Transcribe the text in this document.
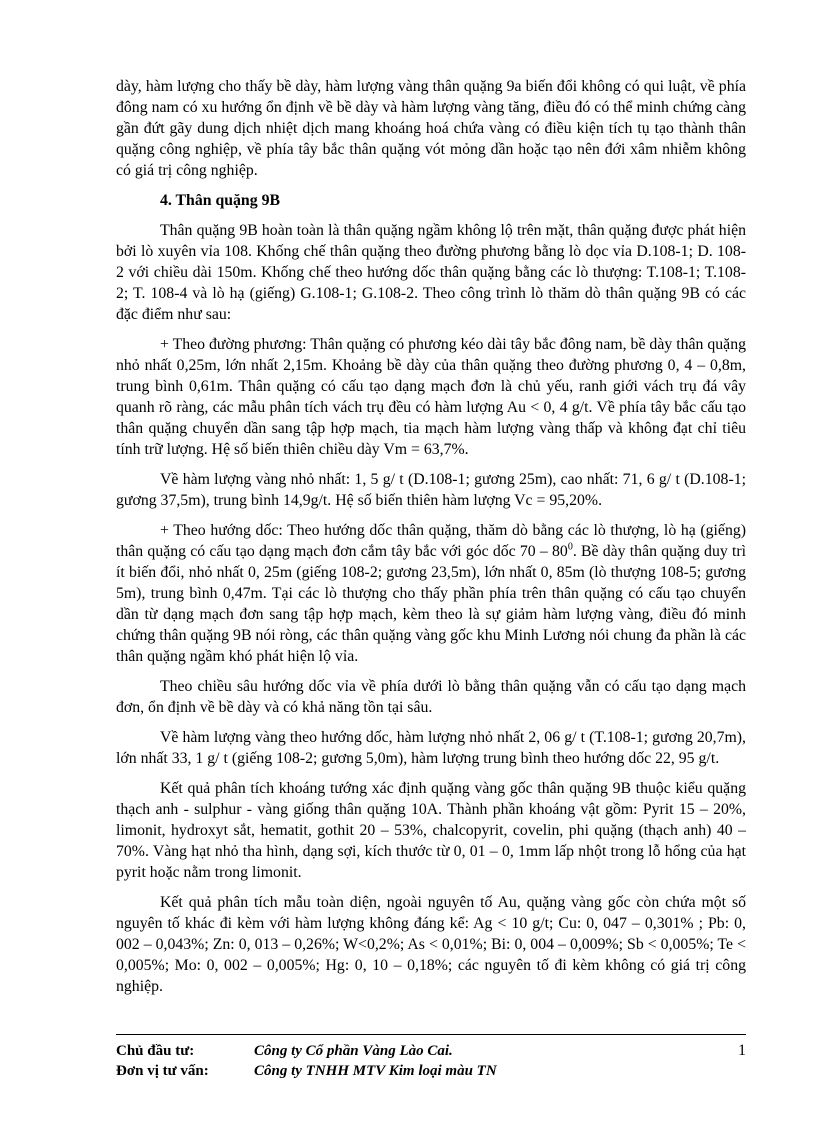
dày, hàm lượng cho thấy bề dày, hàm lượng vàng thân quặng 9a biến đổi không có qui luật, về phía đông nam có xu hướng ổn định về bề dày và hàm lượng vàng tăng, điều đó có thể minh chứng càng gần đứt gãy dung dịch nhiệt dịch mang khoáng hoá chứa vàng có điều kiện tích tụ tạo thành thân quặng công nghiệp, về phía tây bắc thân quặng vót mỏng dần hoặc tạo nên đới xâm nhiễm không có giá trị công nghiệp.

4. Thân quặng 9B

Thân quặng 9B hoàn toàn là thân quặng ngầm không lộ trên mặt, thân quặng được phát hiện bởi lò xuyên vỉa 108. Khống chế thân quặng theo đường phương bằng lò dọc vỉa D.108-1; D. 108-2 với chiều dài 150m. Khống chế theo hướng dốc thân quặng bằng các lò thượng: T.108-1; T.108-2; T. 108-4 và lò hạ (giếng) G.108-1; G.108-2. Theo công trình lò thăm dò thân quặng 9B có các đặc điểm như sau:

+ Theo đường phương: Thân quặng có phương kéo dài tây bắc đông nam, bề dày thân quặng nhỏ nhất 0,25m, lớn nhất 2,15m. Khoảng bề dày của thân quặng theo đường phương 0, 4 – 0,8m, trung bình 0,61m. Thân quặng có cấu tạo dạng mạch đơn là chủ yếu, ranh giới vách trụ đá vây quanh rõ ràng, các mẫu phân tích vách trụ đều có hàm lượng Au < 0, 4 g/t. Về phía tây bắc cấu tạo thân quặng chuyển dần sang tập hợp mạch, tia mạch hàm lượng vàng thấp và không đạt chỉ tiêu tính trữ lượng. Hệ số biến thiên chiều dày Vm = 63,7%.

Về hàm lượng vàng nhỏ nhất: 1, 5 g/ t (D.108-1; gương 25m), cao nhất: 71, 6 g/ t (D.108-1; gương 37,5m), trung bình 14,9g/t. Hệ số biến thiên hàm lượng Vc = 95,20%.

+ Theo hướng dốc: Theo hướng dốc thân quặng, thăm dò bằng các lò thượng, lò hạ (giếng) thân quặng có cấu tạo dạng mạch đơn cắm tây bắc với góc dốc $70 - 80^0$. Bề dày thân quặng duy trì ít biến đổi, nhỏ nhất 0, 25m (giếng 108-2; gương 23,5m), lớn nhất 0, 85m (lò thượng 108-5; gương 5m), trung bình 0,47m. Tại các lò thượng cho thấy phần phía trên thân quặng có cấu tạo chuyển dần từ dạng mạch đơn sang tập hợp mạch, kèm theo là sự giảm hàm lượng vàng, điều đó minh chứng thân quặng 9B nói ròng, các thân quặng vàng gốc khu Minh Lương nói chung đa phần là các thân quặng ngầm khó phát hiện lộ vỉa.

Theo chiều sâu hướng dốc vỉa về phía dưới lò bằng thân quặng vẫn có cấu tạo dạng mạch đơn, ổn định về bề dày và có khả năng tồn tại sâu.

Về hàm lượng vàng theo hướng dốc, hàm lượng nhỏ nhất 2, 06 g/ t (T.108-1; gương 20,7m), lớn nhất 33, 1 g/ t (giếng 108-2; gương 5,0m), hàm lượng trung bình theo hướng dốc 22, 95 g/t.

Kết quả phân tích khoáng tướng xác định quặng vàng gốc thân quặng 9B thuộc kiểu quặng thạch anh - sulphur - vàng giống thân quặng 10A. Thành phần khoáng vật gồm: Pyrit 15 – 20%, limonit, hydroxyt sắt, hematit, gothit 20 – 53%, chalcopyrit, covelin, phi quặng (thạch anh) 40 – 70%. Vàng hạt nhỏ tha hình, dạng sợi, kích thước từ 0, 01 – 0, 1mm lấp nhột trong lỗ hổng của hạt pyrit hoặc nằm trong limonit.

Kết quả phân tích mẫu toàn diện, ngoài nguyên tố Au, quặng vàng gốc còn chứa một số nguyên tố khác đi kèm với hàm lượng không đáng kể: Ag < 10 g/t; Cu: 0, 047 – 0,301% ; Pb: 0, 002 – 0,043%; Zn: 0, 013 – 0,26%; W<0,2%; As < 0,01%; Bi: 0, 004 – 0,009%; Sb < 0,005%; Te < 0,005%; Mo: 0, 002 – 0,005%; Hg: 0, 10 – 0,18%; các nguyên tố đi kèm không có giá trị công nghiệp.

Chủ đầu tư:	Công ty Cổ phần Vàng Lào Cai.	1
Đơn vị tư vấn:	Công ty TNHH MTV Kim loại màu TN
